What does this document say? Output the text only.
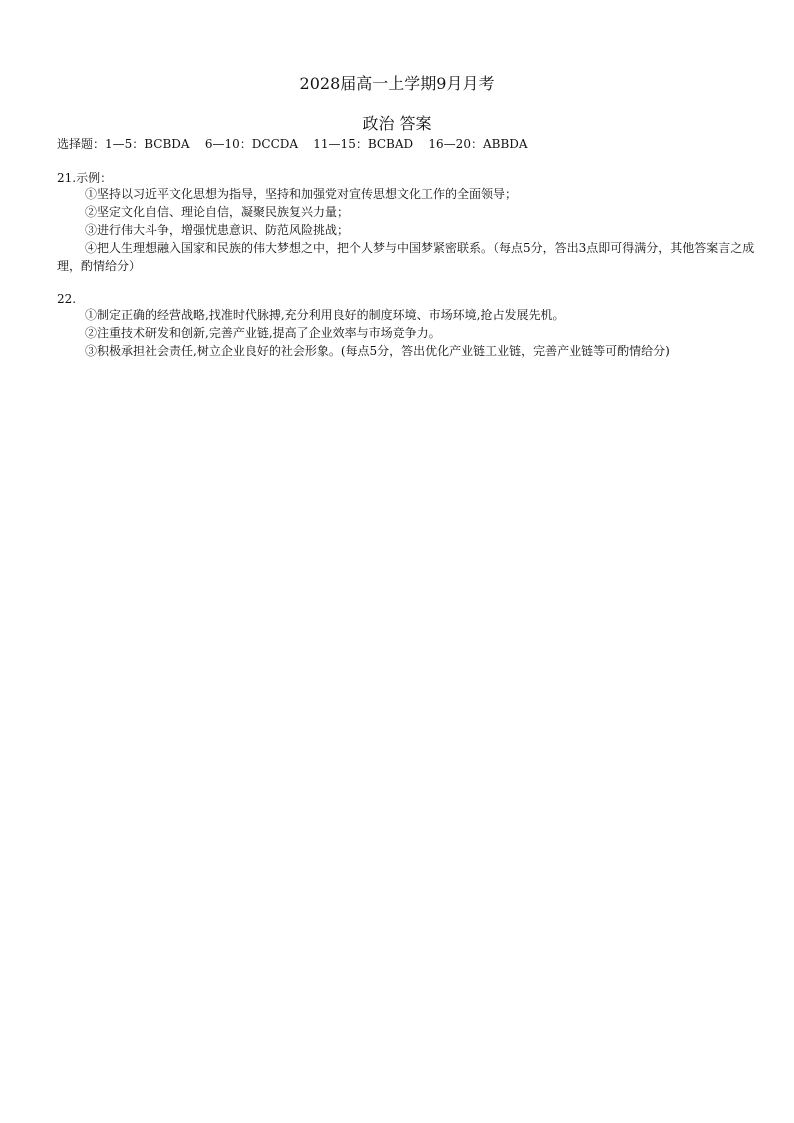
2028届高一上学期9月月考
政治 答案
选择题：1—5：BCBDA    6—10：DCCDA    11—15：BCBAD    16—20：ABBDA
21.示例：
①坚持以习近平文化思想为指导，坚持和加强党对宣传思想文化工作的全面领导；
②坚定文化自信、理论自信，凝聚民族复兴力量；
③进行伟大斗争，增强忧患意识、防范风险挑战；
④把人生理想融入国家和民族的伟大梦想之中，把个人梦与中国梦紧密联系。（每点5分，答出3点即可得满分，其他答案言之成理，酌情给分）
22.
①制定正确的经营战略,找准时代脉搏,充分利用良好的制度环境、市场环境,抢占发展先机。
②注重技术研发和创新,完善产业链,提高了企业效率与市场竞争力。
③积极承担社会责任,树立企业良好的社会形象。(每点5分，答出优化产业链工业链，完善产业链等可酌情给分)
